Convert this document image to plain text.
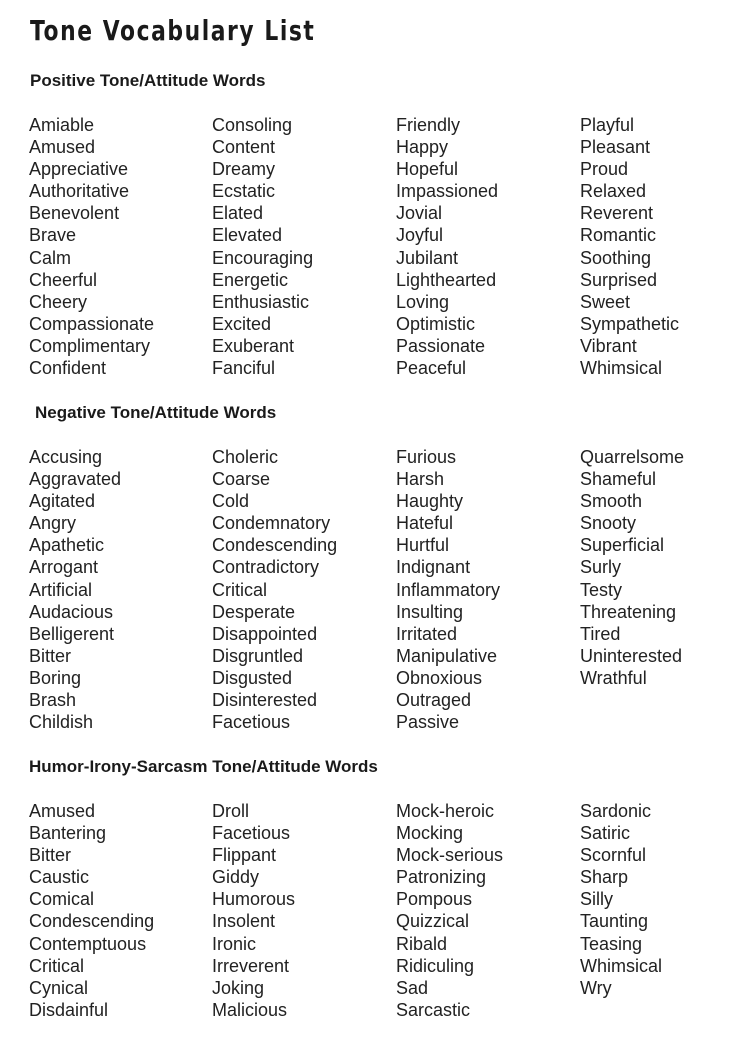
Tone Vocabulary List
Positive Tone/Attitude Words
Amiable
Amused
Appreciative
Authoritative
Benevolent
Brave
Calm
Cheerful
Cheery
Compassionate
Complimentary
Confident
Consoling
Content
Dreamy
Ecstatic
Elated
Elevated
Encouraging
Energetic
Enthusiastic
Excited
Exuberant
Fanciful
Friendly
Happy
Hopeful
Impassioned
Jovial
Joyful
Jubilant
Lighthearted
Loving
Optimistic
Passionate
Peaceful
Playful
Pleasant
Proud
Relaxed
Reverent
Romantic
Soothing
Surprised
Sweet
Sympathetic
Vibrant
Whimsical
Negative Tone/Attitude Words
Accusing
Aggravated
Agitated
Angry
Apathetic
Arrogant
Artificial
Audacious
Belligerent
Bitter
Boring
Brash
Childish
Choleric
Coarse
Cold
Condemnatory
Condescending
Contradictory
Critical
Desperate
Disappointed
Disgruntled
Disgusted
Disinterested
Facetious
Furious
Harsh
Haughty
Hateful
Hurtful
Indignant
Inflammatory
Insulting
Irritated
Manipulative
Obnoxious
Outraged
Passive
Quarrelsome
Shameful
Smooth
Snooty
Superficial
Surly
Testy
Threatening
Tired
Uninterested
Wrathful
Humor-Irony-Sarcasm Tone/Attitude Words
Amused
Bantering
Bitter
Caustic
Comical
Condescending
Contemptuous
Critical
Cynical
Disdainful
Droll
Facetious
Flippant
Giddy
Humorous
Insolent
Ironic
Irreverent
Joking
Malicious
Mock-heroic
Mocking
Mock-serious
Patronizing
Pompous
Quizzical
Ribald
Ridiculing
Sad
Sarcastic
Sardonic
Satiric
Scornful
Sharp
Silly
Taunting
Teasing
Whimsical
Wry
